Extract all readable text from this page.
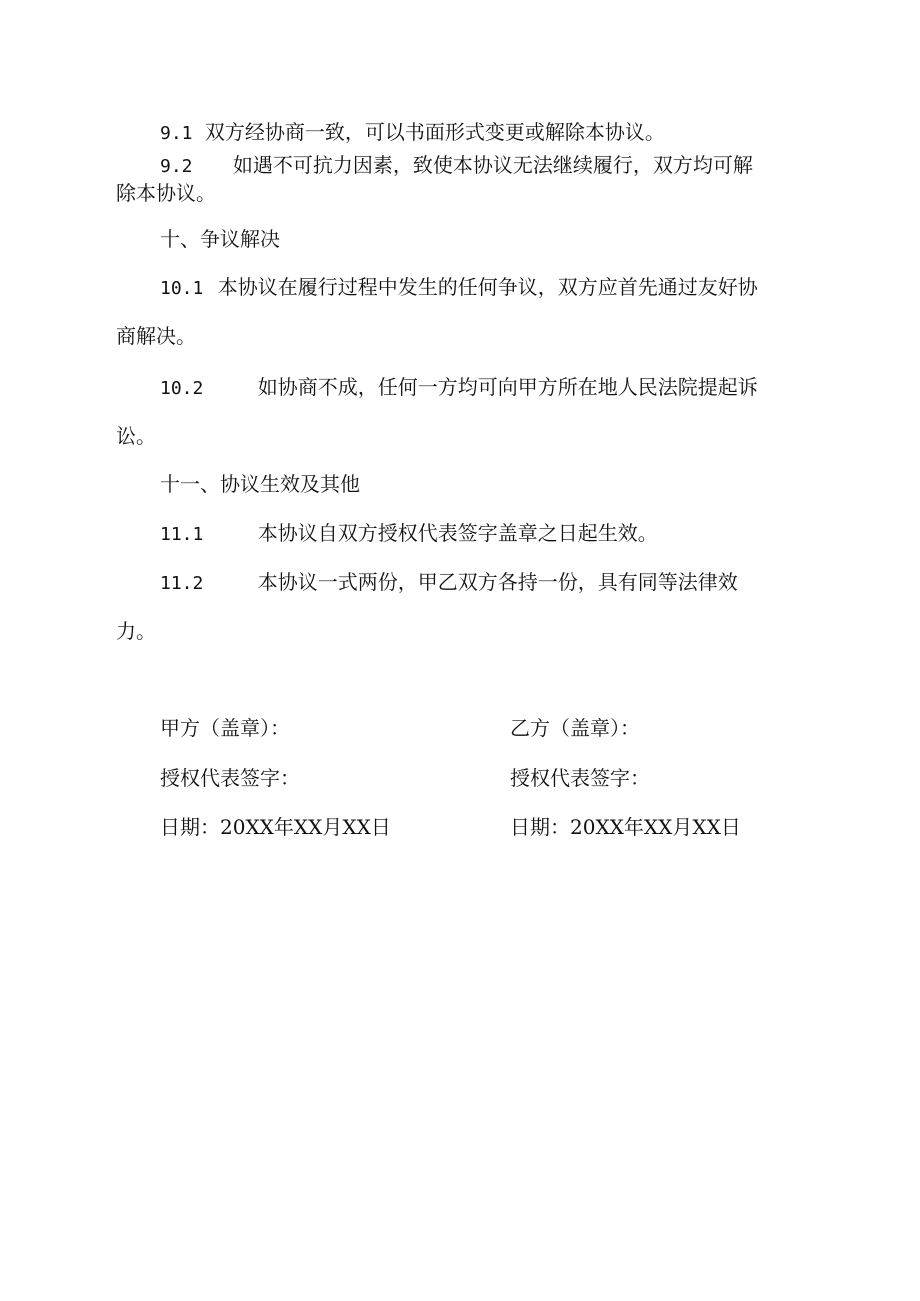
9.1 双方经协商一致，可以书面形式变更或解除本协议。
9.2 如遇不可抗力因素，致使本协议无法继续履行，双方均可解
除本协议。
十、争议解决
10.1 本协议在履行过程中发生的任何争议，双方应首先通过友好协
商解决。
10.2	如协商不成，任何一方均可向甲方所在地人民法院提起诉
讼。
十一、协议生效及其他
11.1	本协议自双方授权代表签字盖章之日起生效。
11.2	本协议一式两份，甲乙双方各持一份，具有同等法律效
力。
甲方（盖章）：
授权代表签字：
日期：20XX年XX月XX日
乙方（盖章）：
授权代表签字：
日期：20XX年XX月XX日
